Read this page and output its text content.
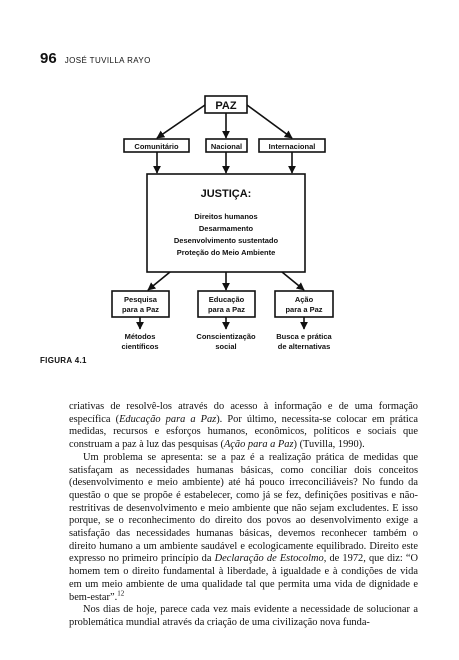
96 JOSÉ TUVILLA RAYO
PAZ
Comunitário	Nacional	Internacional
JUSTIÇA:
Direitos humanos
Desarmamento
Desenvolvimento sustentado
Proteção do Meio Ambiente
Pesquisa
para a Paz
Educação
para a Paz
Ação
para a Paz
Métodos
científicos
Conscientização
social
Busca e prática
de alternativas
FIGURA 4.1

criativas de resolvê-los através do acesso à informação e de uma formação específica (Educação para a Paz). Por último, necessita-se colocar em prática medidas, recursos e esforços humanos, econômicos, políticos e sociais que construam a paz à luz das pesquisas (Ação para a Paz) (Tuvilla, 1990).

Um problema se apresenta: se a paz é a realização prática de medidas que satisfaçam as necessidades humanas básicas, como conciliar dois conceitos (desenvolvimento e meio ambiente) até há pouco irreconciliáveis? No fundo da questão o que se propõe é estabelecer, como já se fez, definições positivas e não-restritivas de desenvolvimento e meio ambiente que não sejam excludentes. E isso porque, se o reconhecimento do direito dos povos ao desenvolvimento exige a satisfação das necessidades humanas básicas, devemos reconhecer também o direito humano a um ambiente saudável e ecologicamente equilibrado. Direito este expresso no primeiro princípio da Declaração de Estocolmo, de 1972, que diz: “O homem tem o direito fundamental à liberdade, à igualdade e à condições de vida em um meio ambiente de uma qualidade tal que permita uma vida de dignidade e bem-estar”.$^{12}$

Nos dias de hoje, parece cada vez mais evidente a necessidade de solucionar a problemática mundial através da criação de uma civilização nova funda-
